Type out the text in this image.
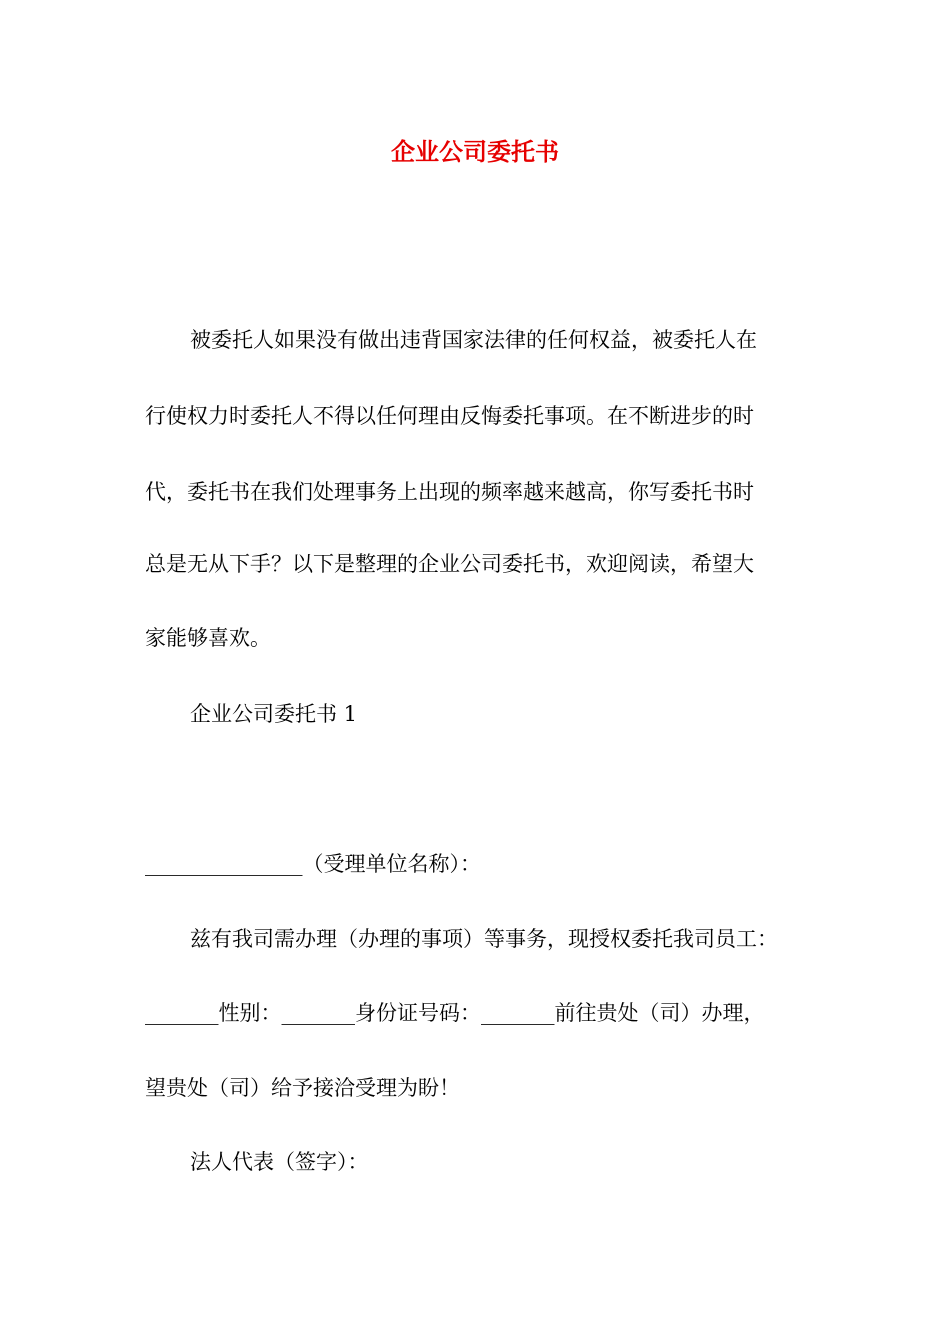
企业公司委托书
被委托人如果没有做出违背国家法律的任何权益，被委托人在
行使权力时委托人不得以任何理由反悔委托事项。在不断进步的时
代，委托书在我们处理事务上出现的频率越来越高，你写委托书时
总是无从下手？以下是整理的企业公司委托书，欢迎阅读，希望大
家能够喜欢。
企业公司委托书 1
_______________（受理单位名称）：
兹有我司需办理（办理的事项）等事务，现授权委托我司员工：
_______性别：_______身份证号码：_______前往贵处（司）办理，
望贵处（司）给予接洽受理为盼！
法人代表（签字）：
